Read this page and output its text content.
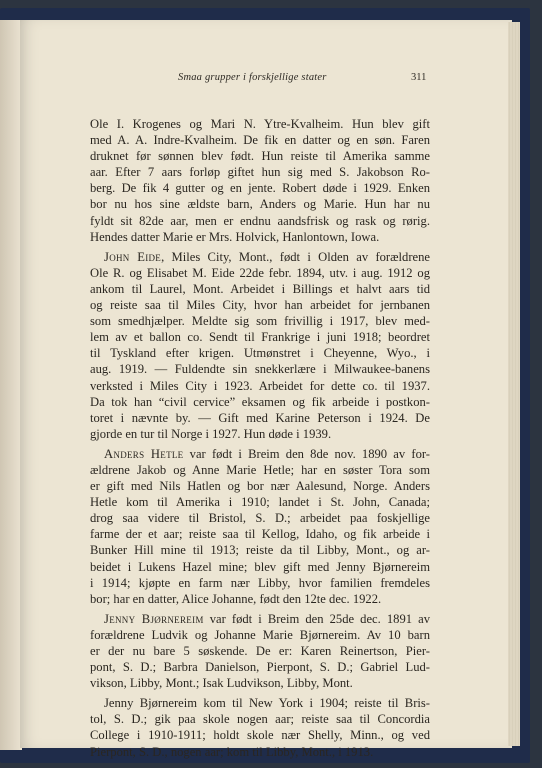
Smaa grupper i forskjellige stater	311
Ole I. Krogenes og Mari N. Ytre-Kvalheim. Hun blev gift
med A. A. Indre-Kvalheim. De fik en datter og en søn. Faren
druknet før sønnen blev født. Hun reiste til Amerika samme
aar. Efter 7 aars forløp giftet hun sig med S. Jakobson Ro-
berg. De fik 4 gutter og en jente. Robert døde i 1929. Enken
bor nu hos sine ældste barn, Anders og Marie. Hun har nu
fyldt sit 82de aar, men er endnu aandsfrisk og rask og rørig.
Hendes datter Marie er Mrs. Holvick, Hanlontown, Iowa.
John Eide, Miles City, Mont., født i Olden av forældrene
Ole R. og Elisabet M. Eide 22de febr. 1894, utv. i aug. 1912 og
ankom til Laurel, Mont. Arbeidet i Billings et halvt aars tid
og reiste saa til Miles City, hvor han arbeidet for jernbanen
som smedhjælper. Meldte sig som frivillig i 1917, blev med-
lem av et ballon co. Sendt til Frankrige i juni 1918; beordret
til Tyskland efter krigen. Utmønstret i Cheyenne, Wyo., i
aug. 1919. — Fuldendte sin snekkerlære i Milwaukee-banens
verksted i Miles City i 1923. Arbeidet for dette co. til 1937.
Da tok han “civil cervice” eksamen og fik arbeide i postkon-
toret i nævnte by. — Gift med Karine Peterson i 1924. De
gjorde en tur til Norge i 1927. Hun døde i 1939.
Anders Hetle var født i Breim den 8de nov. 1890 av for-
ældrene Jakob og Anne Marie Hetle; har en søster Tora som
er gift med Nils Hatlen og bor nær Aalesund, Norge. Anders
Hetle kom til Amerika i 1910; landet i St. John, Canada;
drog saa videre til Bristol, S. D.; arbeidet paa foskjellige
farme der et aar; reiste saa til Kellog, Idaho, og fik arbeide i
Bunker Hill mine til 1913; reiste da til Libby, Mont., og ar-
beidet i Lukens Hazel mine; blev gift med Jenny Bjørnereim
i 1914; kjøpte en farm nær Libby, hvor familien fremdeles
bor; har en datter, Alice Johanne, født den 12te dec. 1922.
Jenny Bjørnereim var født i Breim den 25de dec. 1891 av
forældrene Ludvik og Johanne Marie Bjørnereim. Av 10 barn
er der nu bare 5 søskende. De er: Karen Reinertson, Pier-
pont, S. D.; Barbra Danielson, Pierpont, S. D.; Gabriel Lud-
vikson, Libby, Mont.; Isak Ludvikson, Libby, Mont.
Jenny Bjørnereim kom til New York i 1904; reiste til Bris-
tol, S. D.; gik paa skole nogen aar; reiste saa til Concordia
College i 1910-1911; holdt skole nær Shelly, Minn., og ved
Pierpont, S. D., nogen aar; kom til Libby, Mont., i 1913.
